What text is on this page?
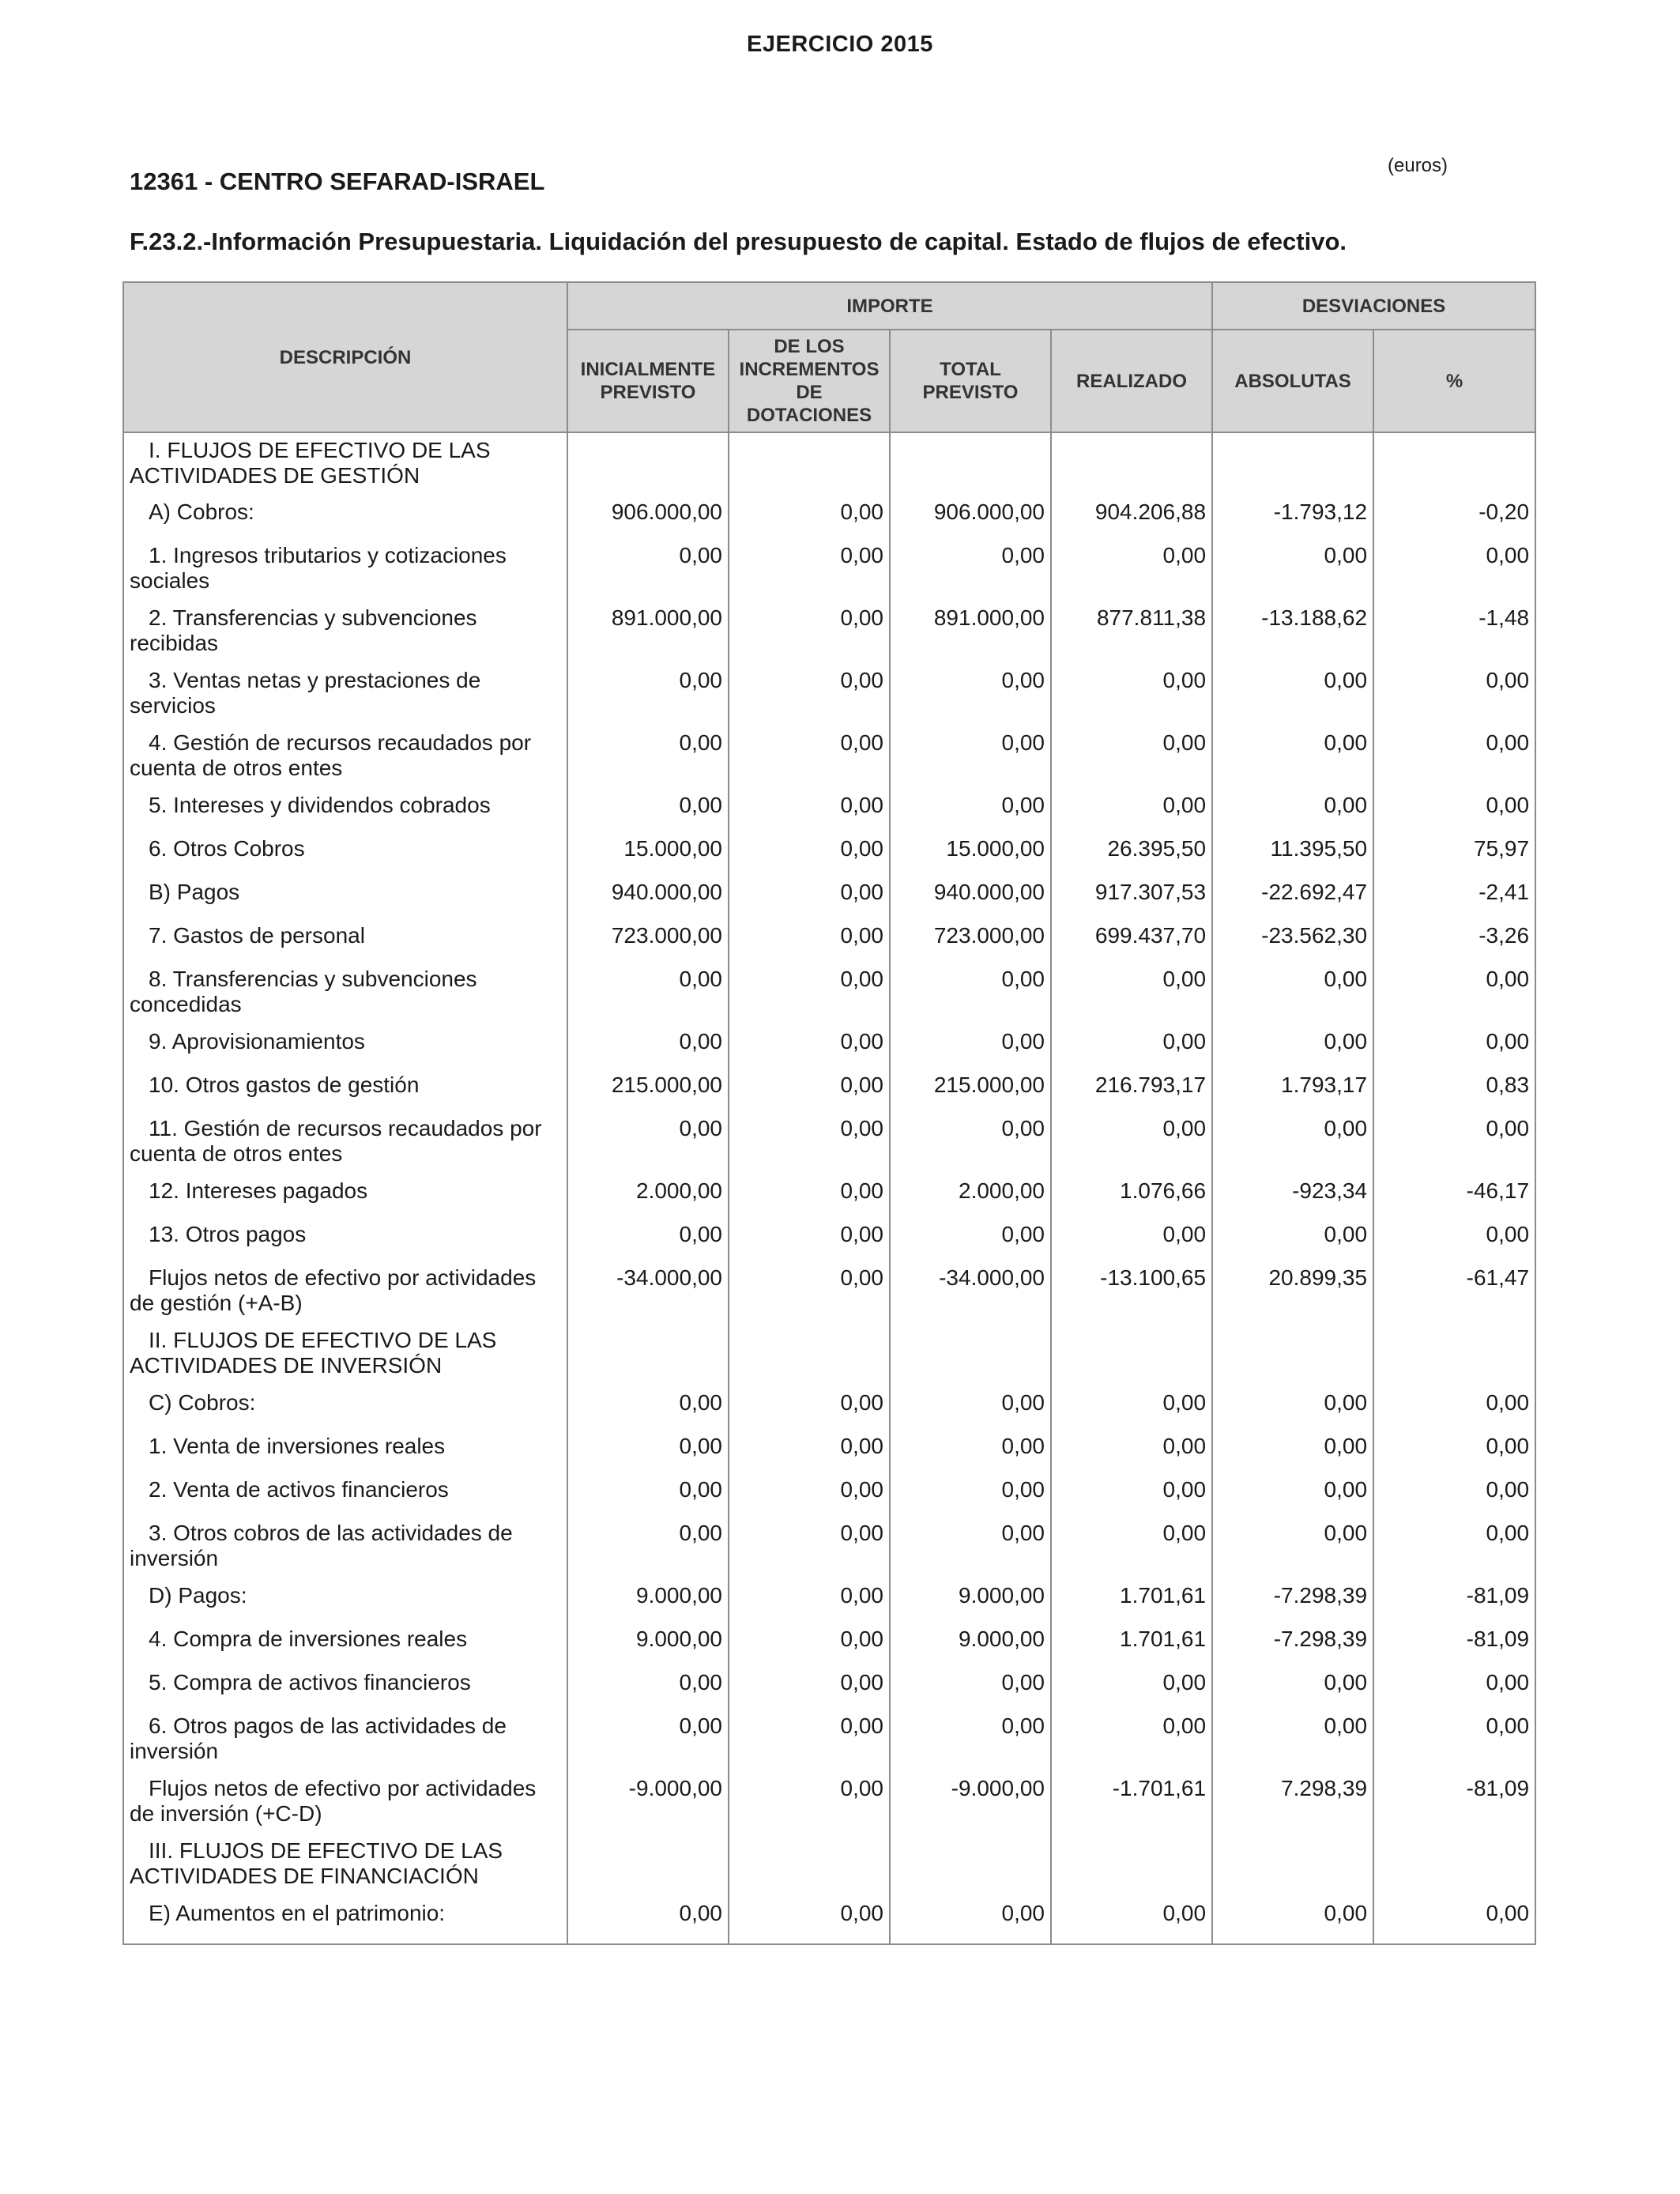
EJERCICIO 2015
(euros)
12361 - CENTRO SEFARAD-ISRAEL
F.23.2.-Información Presupuestaria. Liquidación del presupuesto de capital. Estado de flujos de efectivo.
DESCRIPCIÓN	IMPORTE				DESVIACIONES	
	INICIALMENTE PREVISTO	DE LOS INCREMENTOS DE DOTACIONES	TOTAL PREVISTO	REALIZADO	ABSOLUTAS	%
I. FLUJOS DE EFECTIVO DE LAS
ACTIVIDADES DE GESTIÓN						
A) Cobros:	906.000,00	0,00	906.000,00	904.206,88	-1.793,12	-0,20
1. Ingresos tributarios y cotizaciones
sociales	0,00	0,00	0,00	0,00	0,00	0,00
2. Transferencias y subvenciones
recibidas	891.000,00	0,00	891.000,00	877.811,38	-13.188,62	-1,48
3. Ventas netas y prestaciones de
servicios	0,00	0,00	0,00	0,00	0,00	0,00
4. Gestión de recursos recaudados por
cuenta de otros entes	0,00	0,00	0,00	0,00	0,00	0,00
5. Intereses y dividendos cobrados	0,00	0,00	0,00	0,00	0,00	0,00
6. Otros Cobros	15.000,00	0,00	15.000,00	26.395,50	11.395,50	75,97
B) Pagos	940.000,00	0,00	940.000,00	917.307,53	-22.692,47	-2,41
7. Gastos de personal	723.000,00	0,00	723.000,00	699.437,70	-23.562,30	-3,26
8. Transferencias y subvenciones
concedidas	0,00	0,00	0,00	0,00	0,00	0,00
9. Aprovisionamientos	0,00	0,00	0,00	0,00	0,00	0,00
10. Otros gastos de gestión	215.000,00	0,00	215.000,00	216.793,17	1.793,17	0,83
11. Gestión de recursos recaudados por
cuenta de otros entes	0,00	0,00	0,00	0,00	0,00	0,00
12. Intereses pagados	2.000,00	0,00	2.000,00	1.076,66	-923,34	-46,17
13. Otros pagos	0,00	0,00	0,00	0,00	0,00	0,00
Flujos netos de efectivo por actividades
de gestión (+A-B)	-34.000,00	0,00	-34.000,00	-13.100,65	20.899,35	-61,47
II. FLUJOS DE EFECTIVO DE LAS
ACTIVIDADES DE INVERSIÓN						
C) Cobros:	0,00	0,00	0,00	0,00	0,00	0,00
1. Venta de inversiones reales	0,00	0,00	0,00	0,00	0,00	0,00
2. Venta de activos financieros	0,00	0,00	0,00	0,00	0,00	0,00
3. Otros cobros de las actividades de
inversión	0,00	0,00	0,00	0,00	0,00	0,00
D) Pagos:	9.000,00	0,00	9.000,00	1.701,61	-7.298,39	-81,09
4. Compra de inversiones reales	9.000,00	0,00	9.000,00	1.701,61	-7.298,39	-81,09
5. Compra de activos financieros	0,00	0,00	0,00	0,00	0,00	0,00
6. Otros pagos de las actividades de
inversión	0,00	0,00	0,00	0,00	0,00	0,00
Flujos netos de efectivo por actividades
de inversión (+C-D)	-9.000,00	0,00	-9.000,00	-1.701,61	7.298,39	-81,09
III. FLUJOS DE EFECTIVO DE LAS
ACTIVIDADES DE FINANCIACIÓN						
E) Aumentos en el patrimonio:	0,00	0,00	0,00	0,00	0,00	0,00
